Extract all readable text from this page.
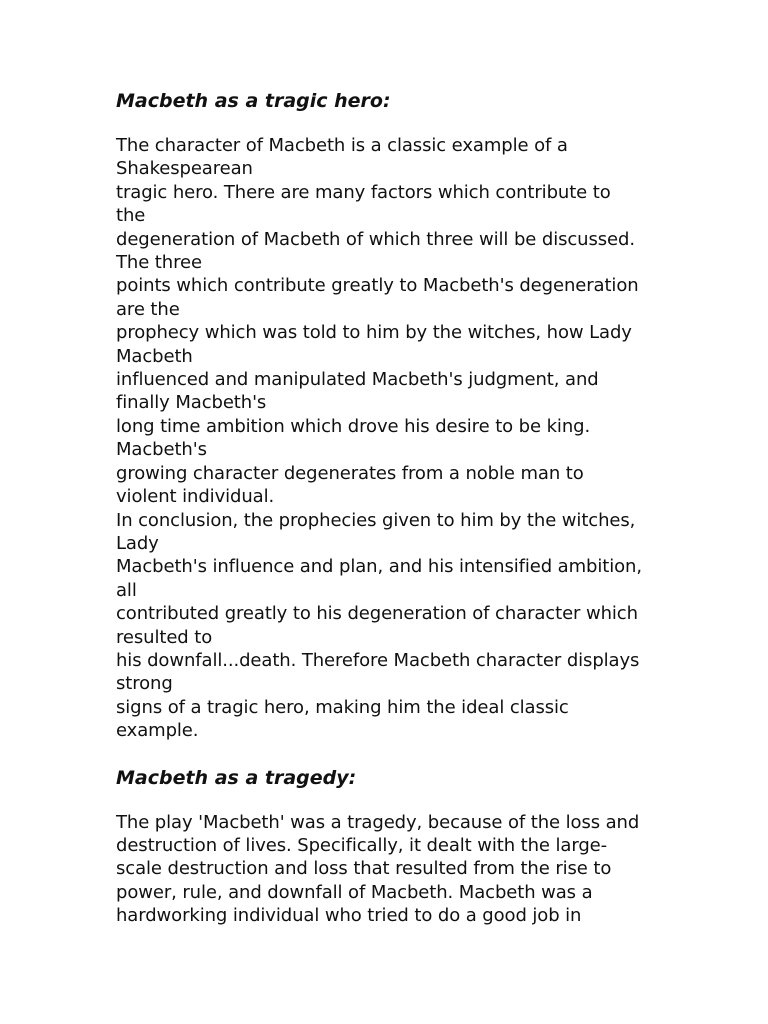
Macbeth as a tragic hero:
The character of Macbeth is a classic example of a
Shakespearean
tragic hero. There are many factors which contribute to
the
degeneration of Macbeth of which three will be discussed.
The three
points which contribute greatly to Macbeth's degeneration
are the
prophecy which was told to him by the witches, how Lady
Macbeth
influenced and manipulated Macbeth's judgment, and
finally Macbeth's
long time ambition which drove his desire to be king.
Macbeth's
growing character degenerates from a noble man to
violent individual.
In conclusion, the prophecies given to him by the witches,
Lady
Macbeth's influence and plan, and his intensified ambition,
all
contributed greatly to his degeneration of character which
resulted to
his downfall...death. Therefore Macbeth character displays
strong
signs of a tragic hero, making him the ideal classic
example.
Macbeth as a tragedy:
The play 'Macbeth' was a tragedy, because of the loss and
destruction of lives. Specifically, it dealt with the large-
scale destruction and loss that resulted from the rise to
power, rule, and downfall of Macbeth. Macbeth was a
hardworking individual who tried to do a good job in
